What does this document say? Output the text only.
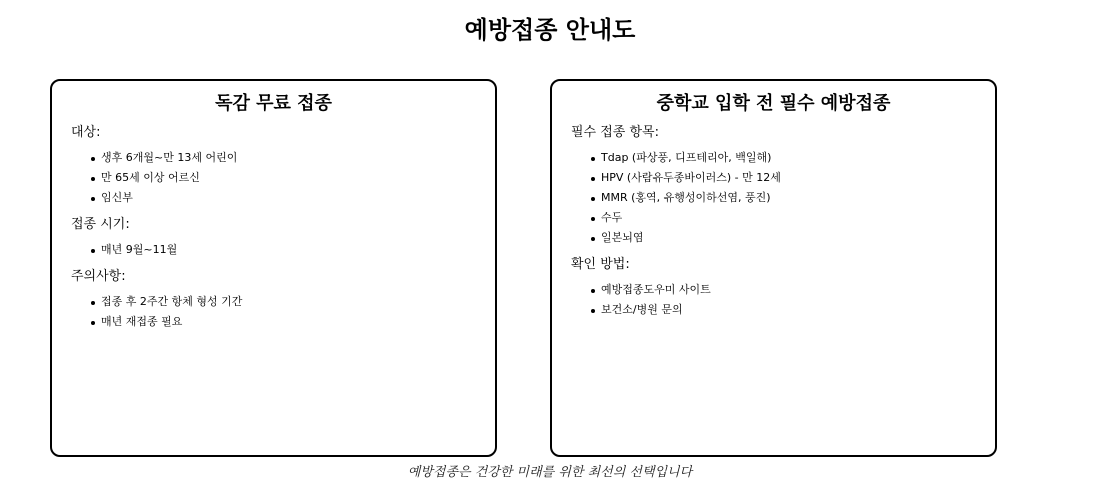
예방접종 안내도
독감 무료 접종
대상:
생후 6개월~만 13세 어린이
만 65세 이상 어르신
임신부
접종 시기:
매년 9월~11월
주의사항:
접종 후 2주간 항체 형성 기간
매년 재접종 필요
중학교 입학 전 필수 예방접종
필수 접종 항목:
Tdap (파상풍, 디프테리아, 백일해)
HPV (사람유두종바이러스) - 만 12세
MMR (홍역, 유행성이하선염, 풍진)
수두
일본뇌염
확인 방법:
예방접종도우미 사이트
보건소/병원 문의
예방접종은 건강한 미래를 위한 최선의 선택입니다
